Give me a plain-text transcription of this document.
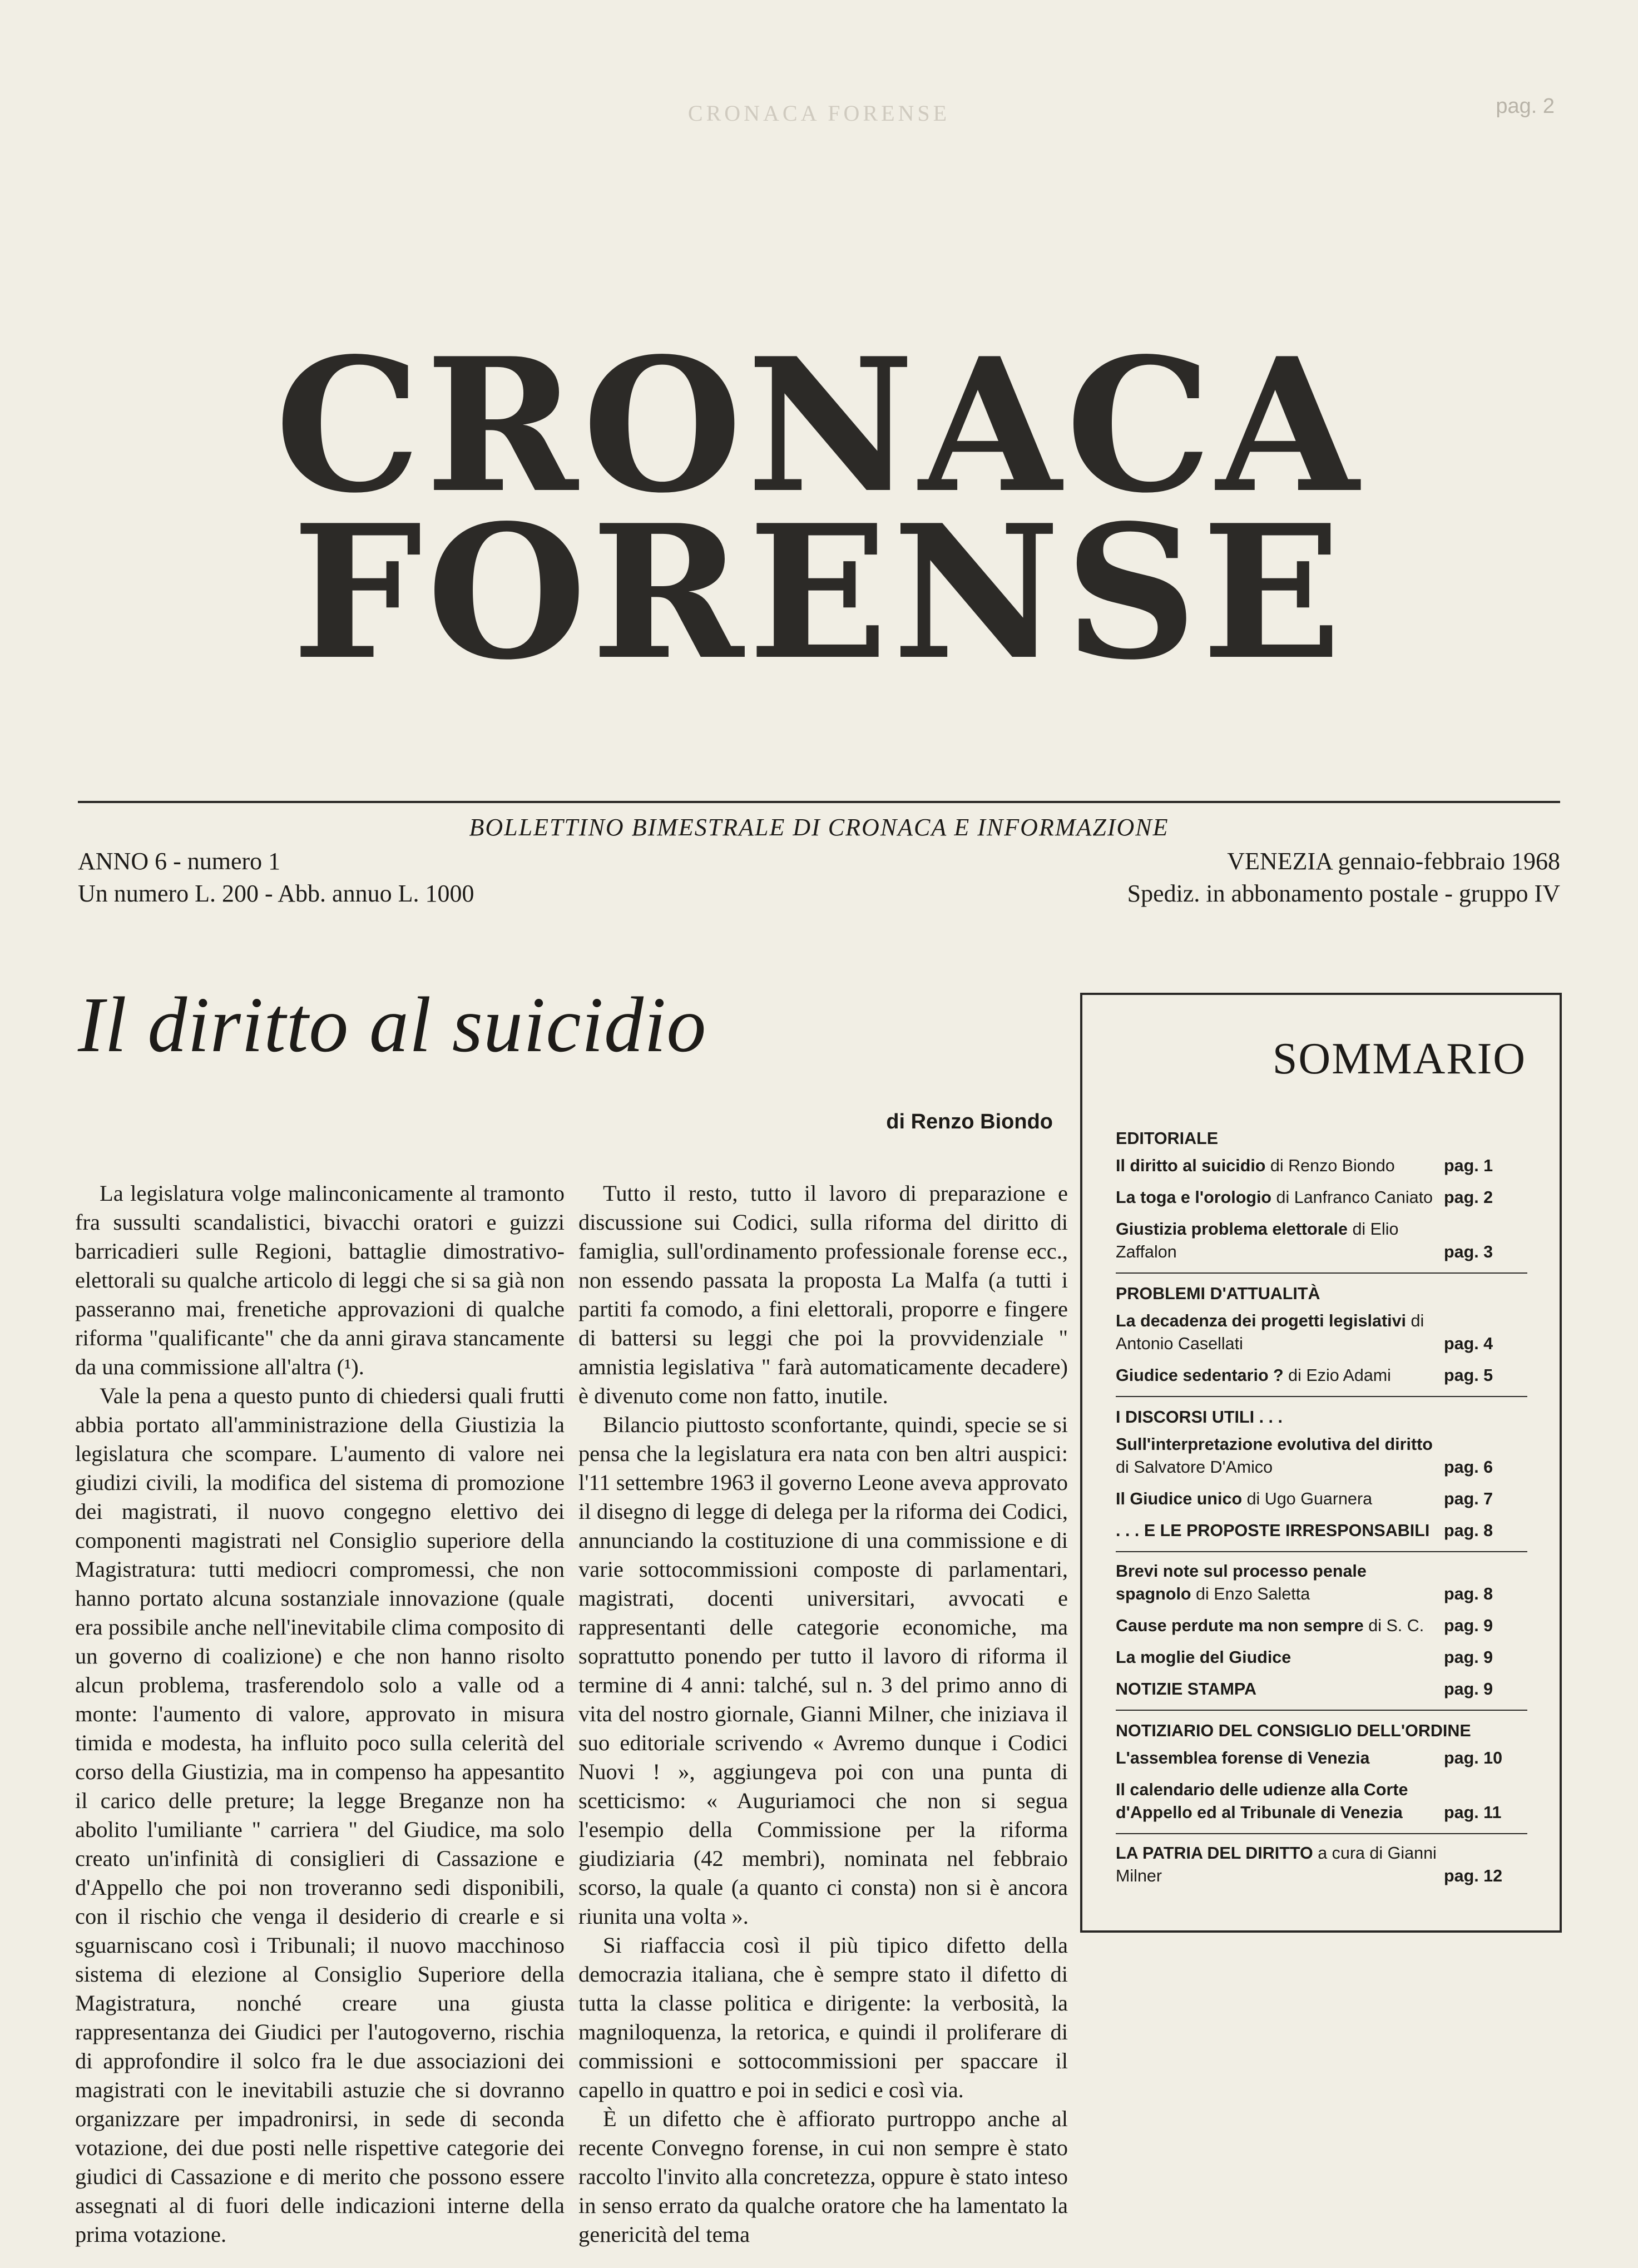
CRONACA FORENSE	pag. 2
CRONACA
FORENSE
BOLLETTINO BIMESTRALE DI CRONACA E INFORMAZIONE
ANNO 6 - numero 1
Un numero L. 200 - Abb. annuo L. 1000
VENEZIA gennaio-febbraio 1968
Spediz. in abbonamento postale - gruppo IV
Il diritto al suicidio
di Renzo Biondo

La legislatura volge malinconicamente al tramonto fra sussulti scandalistici, bivacchi oratori e guizzi barricadieri sulle Regioni, battaglie dimostrativo-elettorali su qualche articolo di leggi che si sa già non passeranno mai, frenetiche approvazioni di qualche riforma "qualificante" che da anni girava stancamente da una commissione all'altra (¹).

Vale la pena a questo punto di chiedersi quali frutti abbia portato all'amministrazione della Giustizia la legislatura che scompare. L'aumento di valore nei giudizi civili, la modifica del sistema di promozione dei magistrati, il nuovo congegno elettivo dei componenti magistrati nel Consiglio superiore della Magistratura: tutti mediocri compromessi, che non hanno portato alcuna sostanziale innovazione (quale era possibile anche nell'inevitabile clima composito di un governo di coalizione) e che non hanno risolto alcun problema, trasferendolo solo a valle od a monte: l'aumento di valore, approvato in misura timida e modesta, ha influito poco sulla celerità del corso della Giustizia, ma in compenso ha appesantito il carico delle preture; la legge Breganze non ha abolito l'umiliante " carriera " del Giudice, ma solo creato un'infinità di consiglieri di Cassazione e d'Appello che poi non troveranno sedi disponibili, con il rischio che venga il desiderio di crearle e si sguarniscano così i Tribunali; il nuovo macchinoso sistema di elezione al Consiglio Superiore della Magistratura, nonché creare una giusta rappresentanza dei Giudici per l'autogoverno, rischia di approfondire il solco fra le due associazioni dei magistrati con le inevitabili astuzie che si dovranno organizzare per impadronirsi, in sede di seconda votazione, dei due posti nelle rispettive categorie dei giudici di Cassazione e di merito che possono essere assegnati al di fuori delle indicazioni interne della prima votazione.

Tutto il resto, tutto il lavoro di preparazione e discussione sui Codici, sulla riforma del diritto di famiglia, sull'ordinamento professionale forense ecc., non essendo passata la proposta La Malfa (a tutti i partiti fa comodo, a fini elettorali, proporre e fingere di battersi su leggi che poi la provvidenziale " amnistia legislativa " farà automaticamente decadere) è divenuto come non fatto, inutile.

Bilancio piuttosto sconfortante, quindi, specie se si pensa che la legislatura era nata con ben altri auspici: l'11 settembre 1963 il governo Leone aveva approvato il disegno di legge di delega per la riforma dei Codici, annunciando la costituzione di una commissione e di varie sottocommissioni composte di parlamentari, magistrati, docenti universitari, avvocati e rappresentanti delle categorie economiche, ma soprattutto ponendo per tutto il lavoro di riforma il termine di 4 anni: talché, sul n. 3 del primo anno di vita del nostro giornale, Gianni Milner, che iniziava il suo editoriale scrivendo « Avremo dunque i Codici Nuovi ! », aggiungeva poi con una punta di scetticismo: « Auguriamoci che non si segua l'esempio della Commissione per la riforma giudiziaria (42 membri), nominata nel febbraio scorso, la quale (a quanto ci consta) non si è ancora riunita una volta ».

Si riaffaccia così il più tipico difetto della democrazia italiana, che è sempre stato il difetto di tutta la classe politica e dirigente: la verbosità, la magniloquenza, la retorica, e quindi il proliferare di commissioni e sottocommissioni per spaccare il capello in quattro e poi in sedici e così via.

È un difetto che è affiorato purtroppo anche al recente Convegno forense, in cui non sempre è stato raccolto l'invito alla concretezza, oppure è stato inteso in senso errato da qualche oratore che ha lamentato la genericità del tema

SOMMARIO
EDITORIALE
Il diritto al suicidio di Renzo Biondo	pag. 1
La toga e l'orologio di Lanfranco Caniato pag. 2
Giustizia problema elettorale di Elio Zaffalon	pag. 3
PROBLEMI D'ATTUALITÀ
La decadenza dei progetti legislativi di Antonio Casellati	pag. 4
Giudice sedentario ? di Ezio Adami	pag. 5
I DISCORSI UTILI . . .
Sull'interpretazione evolutiva del diritto di Salvatore D'Amico	pag. 6
Il Giudice unico di Ugo Guarnera	pag. 7
. . . E LE PROPOSTE IRRESPONSABILI pag. 8
Brevi note sul processo penale spagnolo di Enzo Saletta	pag. 8
Cause perdute ma non sempre di S. C.	pag. 9
La moglie del Giudice	pag. 9
NOTIZIE STAMPA	pag. 9
NOTIZIARIO DEL CONSIGLIO DELL'ORDINE
L'assemblea forense di Venezia	pag. 10
Il calendario delle udienze alla Corte d'Appello ed al Tribunale di Venezia	pag. 11
LA PATRIA DEL DIRITTO a cura di Gianni Milner	pag. 12
